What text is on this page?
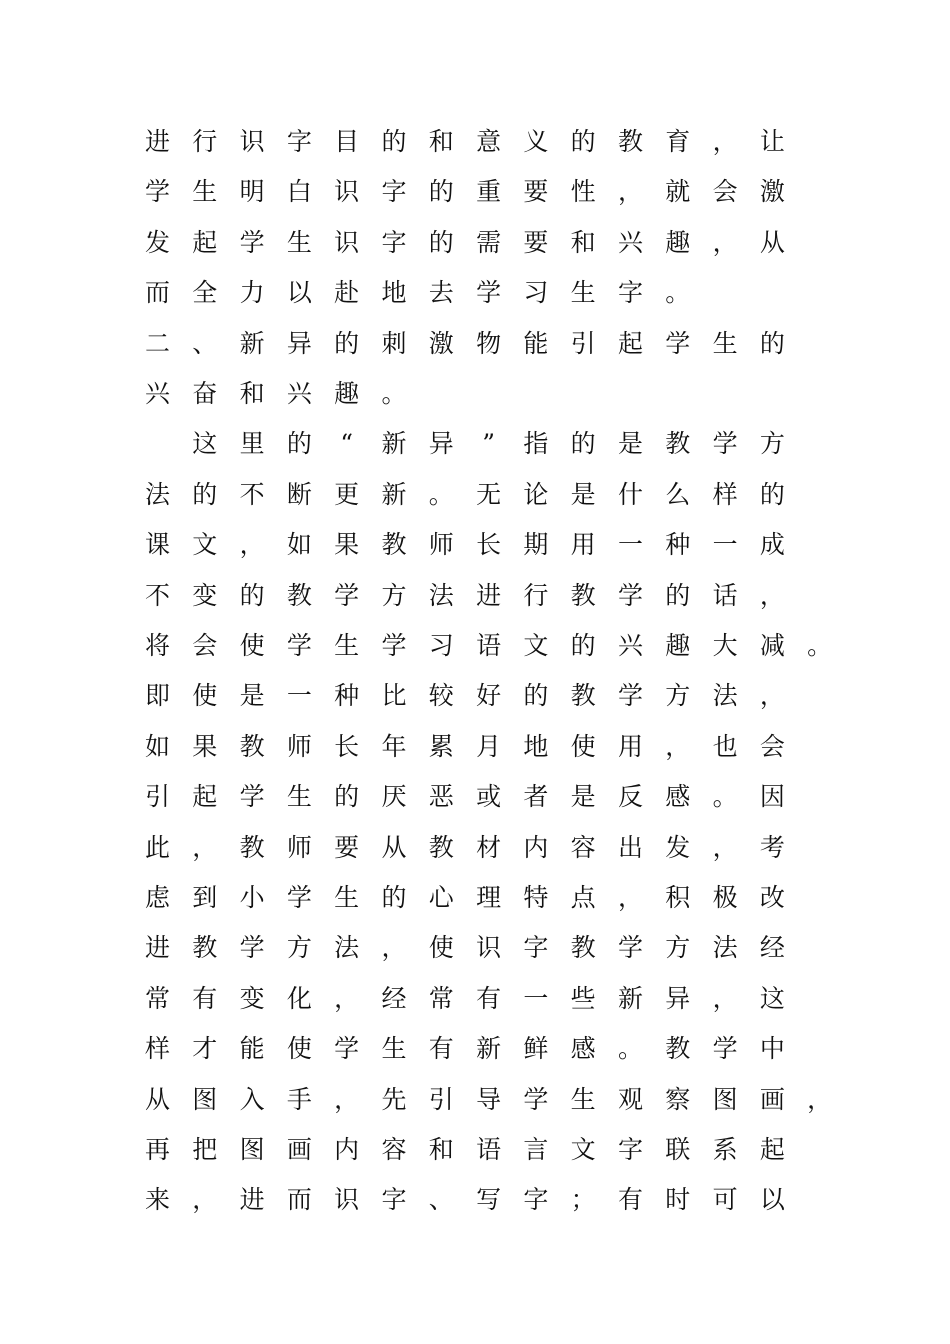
进 行 识 字 目 的 和 意 义 的 教 育 ， 让
学 生 明 白 识 字 的 重 要 性 ， 就 会 激
发 起 学 生 识 字 的 需 要 和 兴 趣 ， 从
而 全 力 以 赴 地 去 学 习 生 字 。
二 、 新 异 的 刺 激 物 能 引 起 学 生 的
兴 奋 和 兴 趣 。
这 里 的	“	新 异	”	指 的 是 教 学 方
法 的 不 断 更 新 。 无 论 是 什 么 样 的
课 文 ， 如 果 教 师 长 期 用 一 种 一 成
不 变 的 教 学 方 法 进 行 教 学 的 话 ，
将 会 使 学 生 学 习 语 文 的 兴 趣 大 减 。
即 使 是 一 种 比 较 好 的 教 学 方 法 ，
如 果 教 师 长 年 累 月 地 使 用 ， 也 会
引 起 学 生 的 厌 恶 或 者 是 反 感 。 因
此 ， 教 师 要 从 教 材 内 容 出 发 ， 考
虑 到 小 学 生 的 心 理 特 点 ， 积 极 改
进 教 学 方 法 ， 使 识 字 教 学 方 法 经
常 有 变 化 ， 经 常 有 一 些 新 异 ， 这
样 才 能 使 学 生 有 新 鲜 感 。 教 学 中
从 图 入 手 ， 先 引 导 学 生 观 察 图 画 ，
再 把 图 画 内 容 和 语 言 文 字 联 系 起
来 ， 进 而 识 字 、 写 字 ； 有 时 可 以
